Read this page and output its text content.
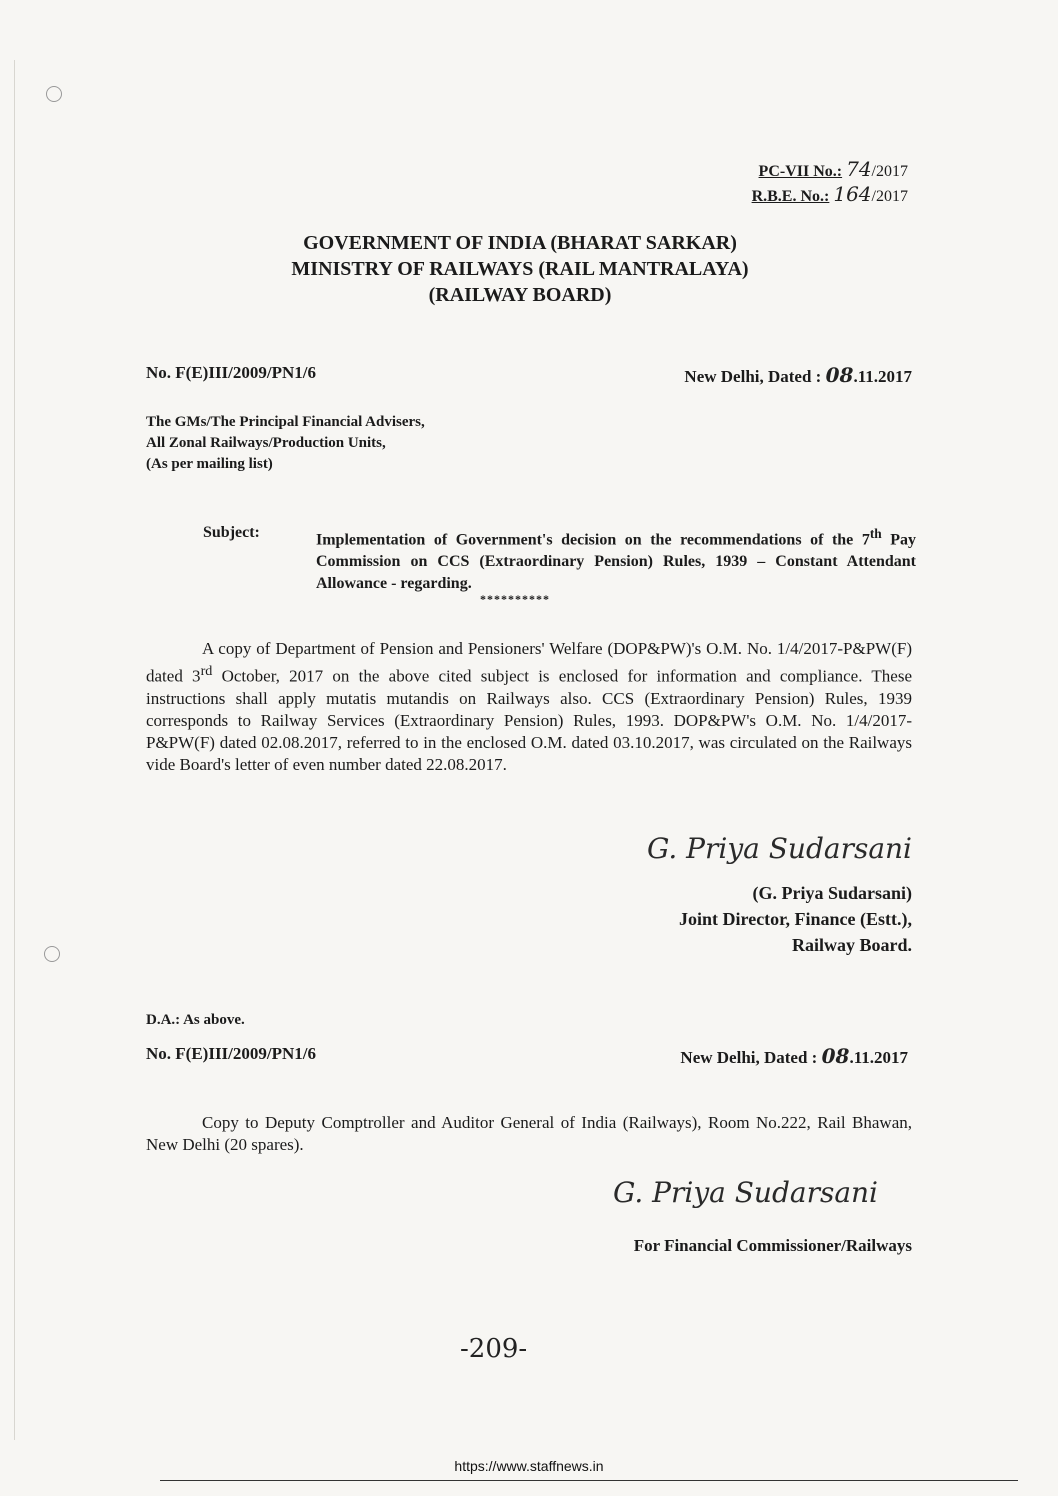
PC-VII No.: 74/2017
R.B.E. No.: 164/2017
GOVERNMENT OF INDIA (BHARAT SARKAR)
MINISTRY OF RAILWAYS (RAIL MANTRALAYA)
(RAILWAY BOARD)
No. F(E)III/2009/PN1/6	New Delhi, Dated : 08.11.2017
The GMs/The Principal Financial Advisers,
All Zonal Railways/Production Units,
(As per mailing list)
Subject:	Implementation of Government's decision on the recommendations of the 7th Pay Commission on CCS (Extraordinary Pension) Rules, 1939 – Constant Attendant Allowance - regarding.
**********
A copy of Department of Pension and Pensioners' Welfare (DOP&PW)'s O.M. No. 1/4/2017-P&PW(F) dated 3rd October, 2017 on the above cited subject is enclosed for information and compliance. These instructions shall apply mutatis mutandis on Railways also. CCS (Extraordinary Pension) Rules, 1939 corresponds to Railway Services (Extraordinary Pension) Rules, 1993. DOP&PW's O.M. No. 1/4/2017-P&PW(F) dated 02.08.2017, referred to in the enclosed O.M. dated 03.10.2017, was circulated on the Railways vide Board's letter of even number dated 22.08.2017.
G. Priya Sudarsani
(G. Priya Sudarsani)
Joint Director, Finance (Estt.),
Railway Board.
D.A.: As above.
No. F(E)III/2009/PN1/6	New Delhi, Dated : 08.11.2017
Copy to Deputy Comptroller and Auditor General of India (Railways), Room No.222, Rail Bhawan, New Delhi (20 spares).
G. Priya Sudarsani
For Financial Commissioner/Railways
-209-
https://www.staffnews.in
